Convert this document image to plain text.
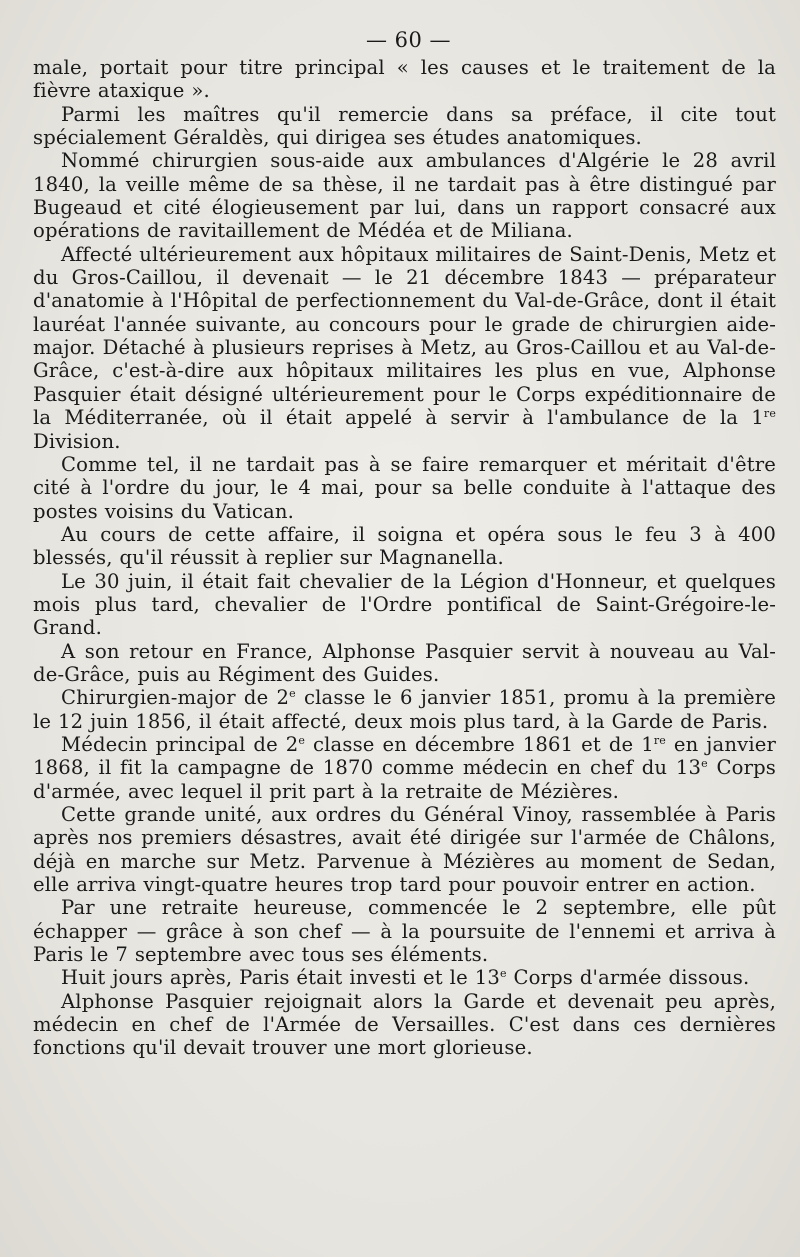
— 60 —

male, portait pour titre principal « les causes et le traitement de la fièvre ataxique ».

Parmi les maîtres qu'il remercie dans sa préface, il cite tout spécialement Géraldès, qui dirigea ses études anatomiques.

Nommé chirurgien sous-aide aux ambulances d'Algérie le 28 avril 1840, la veille même de sa thèse, il ne tardait pas à être distingué par Bugeaud et cité élogieusement par lui, dans un rapport consacré aux opérations de ravitaillement de Médéa et de Miliana.

Affecté ultérieurement aux hôpitaux militaires de Saint-Denis, Metz et du Gros-Caillou, il devenait — le 21 décembre 1843 — préparateur d'anatomie à l'Hôpital de perfectionnement du Val-de-Grâce, dont il était lauréat l'année suivante, au concours pour le grade de chirurgien aide-major. Détaché à plusieurs reprises à Metz, au Gros-Caillou et au Val-de-Grâce, c'est-à-dire aux hôpitaux militaires les plus en vue, Alphonse Pasquier était désigné ultérieurement pour le Corps expéditionnaire de la Méditerranée, où il était appelé à servir à l'ambulance de la 1re Division.

Comme tel, il ne tardait pas à se faire remarquer et méritait d'être cité à l'ordre du jour, le 4 mai, pour sa belle conduite à l'attaque des postes voisins du Vatican.

Au cours de cette affaire, il soigna et opéra sous le feu 3 à 400 blessés, qu'il réussit à replier sur Magnanella.

Le 30 juin, il était fait chevalier de la Légion d'Honneur, et quelques mois plus tard, chevalier de l'Ordre pontifical de Saint-Grégoire-le-Grand.

A son retour en France, Alphonse Pasquier servit à nouveau au Val-de-Grâce, puis au Régiment des Guides.

Chirurgien-major de 2e classe le 6 janvier 1851, promu à la première le 12 juin 1856, il était affecté, deux mois plus tard, à la Garde de Paris.

Médecin principal de 2e classe en décembre 1861 et de 1re en janvier 1868, il fit la campagne de 1870 comme médecin en chef du 13e Corps d'armée, avec lequel il prit part à la retraite de Mézières.

Cette grande unité, aux ordres du Général Vinoy, rassemblée à Paris après nos premiers désastres, avait été dirigée sur l'armée de Châlons, déjà en marche sur Metz. Parvenue à Mézières au moment de Sedan, elle arriva vingt-quatre heures trop tard pour pouvoir entrer en action.

Par une retraite heureuse, commencée le 2 septembre, elle pût échapper — grâce à son chef — à la poursuite de l'ennemi et arriva à Paris le 7 septembre avec tous ses éléments.

Huit jours après, Paris était investi et le 13e Corps d'armée dissous.

Alphonse Pasquier rejoignait alors la Garde et devenait peu après, médecin en chef de l'Armée de Versailles. C'est dans ces dernières fonctions qu'il devait trouver une mort glorieuse.
